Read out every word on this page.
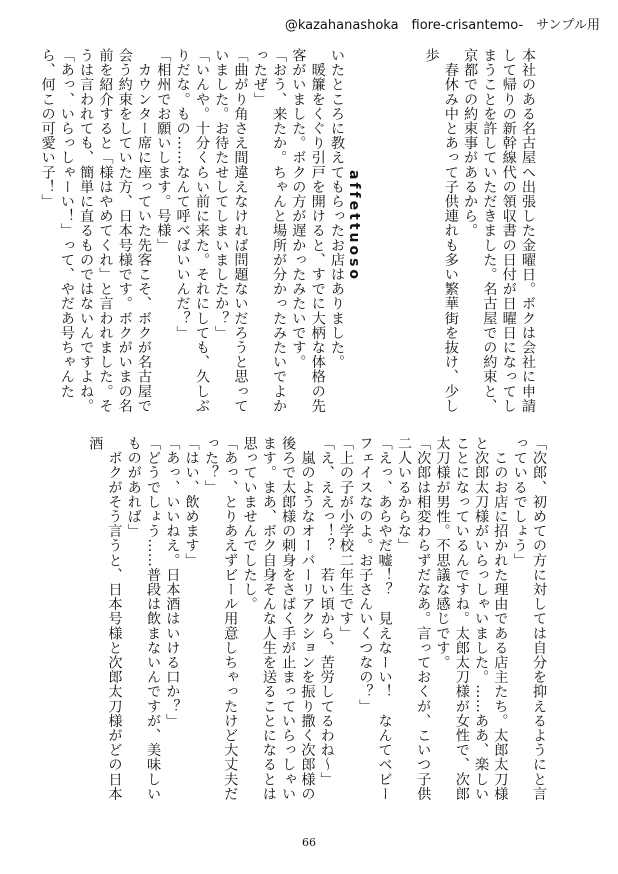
@kazahanashoka　fiore-crisantemo-　サンプル用
本社のある名古屋へ出張した金曜日。ボクは会社に申請して帰りの新幹線代の領収書の日付が日曜日になってしまうことを許していただきました。名古屋での約束と、京都での約束事があるから。
　春休み中とあって子供連れも多い繁華街を抜け、少し歩
affettuoso
いたところに教えてもらったお店はありました。
　暖簾をくぐり引戸を開けると、すでに大柄な体格の先客がいました。ボクの方が遅かったみたいです。
「おう、来たか。ちゃんと場所が分かったみたいでよかったぜ」
「曲がり角さえ間違えなければ問題ないだろうと思っていました。お待たせしてしまいましたか？」
「いんや。十分くらい前に来た。それにしても、久しぶりだな。もの……なんて呼べばいいんだ？」
「相州でお願いします。号様」
　カウンター席に座っていた先客こそ、ボクが名古屋で会う約束をしていた方、日本号様です。ボクがいまの名前を紹介すると「様はやめてくれ」と言われました。そうは言われても、簡単に直るものではないんですよね。
「あっ、いらっしゃーい！」って、やだあ号ちゃんたら、何この可愛い子！」
「次郎、初めての方に対しては自分を抑えるようにと言っているでしょう」
　このお店に招かれた理由である店主たち。太郎太刀様と次郎太刀様がいらっしゃいました。……ああ、楽しいことになっているんですね。太郎太刀様が女性で、次郎太刀様が男性。不思議な感じです。
「次郎は相変わらずだなあ。言っておくが、こいつ子供二人いるからな」
「えっ、あらやだ嘘！？　見えなーい！　なんてベビーフェイスなのよ。お子さんいくつなの？」
「上の子が小学校二年生です」
「え、ええっ！？　若い頃から、苦労してるわね～」
　嵐のようなオーバーリアクションを振り撒く次郎様の後ろで太郎様の刺身をさばく手が止まっていらっしゃいます。まあ、ボク自身そんな人生を送ることになるとは思っていませんでしたし。
「あっ、とりあえずビール用意しちゃったけど大丈夫だった？」
「はい、飲めます」
「あっ、いいねえ。日本酒はいける口か？」
「どうでしょう……普段は飲まないんですが、美味しいものがあれば」
　ボクがそう言うと、日本号様と次郎太刀様がどの日本酒
66
